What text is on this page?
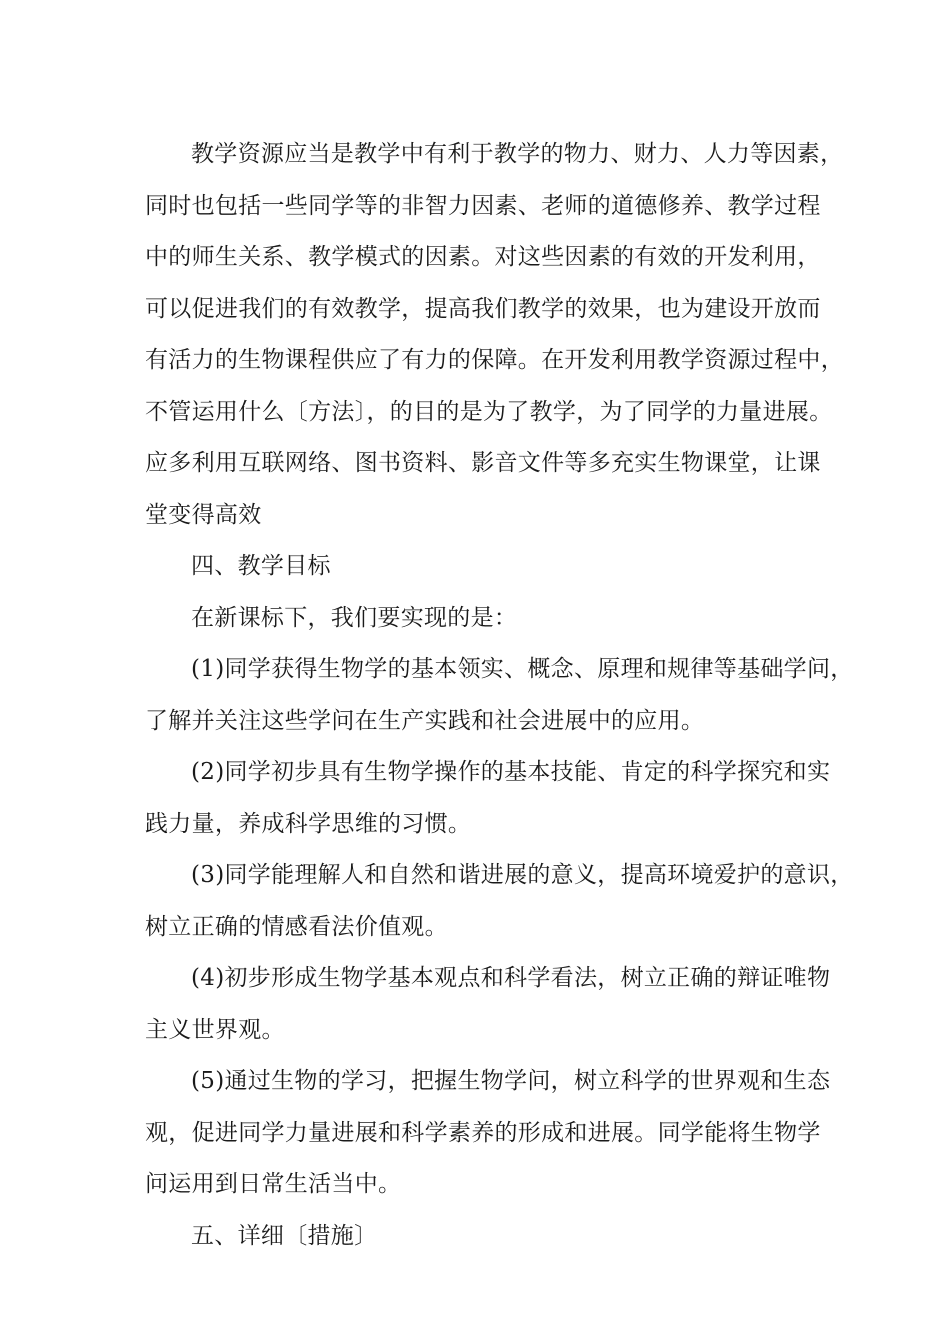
教学资源应当是教学中有利于教学的物力、财力、人力等因素，
同时也包括一些同学等的非智力因素、老师的道德修养、教学过程
中的师生关系、教学模式的因素。对这些因素的有效的开发利用，
可以促进我们的有效教学，提高我们教学的效果，也为建设开放而
有活力的生物课程供应了有力的保障。在开发利用教学资源过程中，
不管运用什么〔方法〕，的目的是为了教学，为了同学的力量进展。
应多利用互联网络、图书资料、影音文件等多充实生物课堂，让课
堂变得高效

四、教学目标

在新课标下，我们要实现的是：

(1)同学获得生物学的基本领实、概念、原理和规律等基础学问，
了解并关注这些学问在生产实践和社会进展中的应用。

(2)同学初步具有生物学操作的基本技能、肯定的科学探究和实
践力量，养成科学思维的习惯。

(3)同学能理解人和自然和谐进展的意义，提高环境爱护的意识，
树立正确的情感看法价值观。

(4)初步形成生物学基本观点和科学看法，树立正确的辩证唯物
主义世界观。

(5)通过生物的学习，把握生物学问，树立科学的世界观和生态
观，促进同学力量进展和科学素养的形成和进展。同学能将生物学
问运用到日常生活当中。

五、详细〔措施〕
